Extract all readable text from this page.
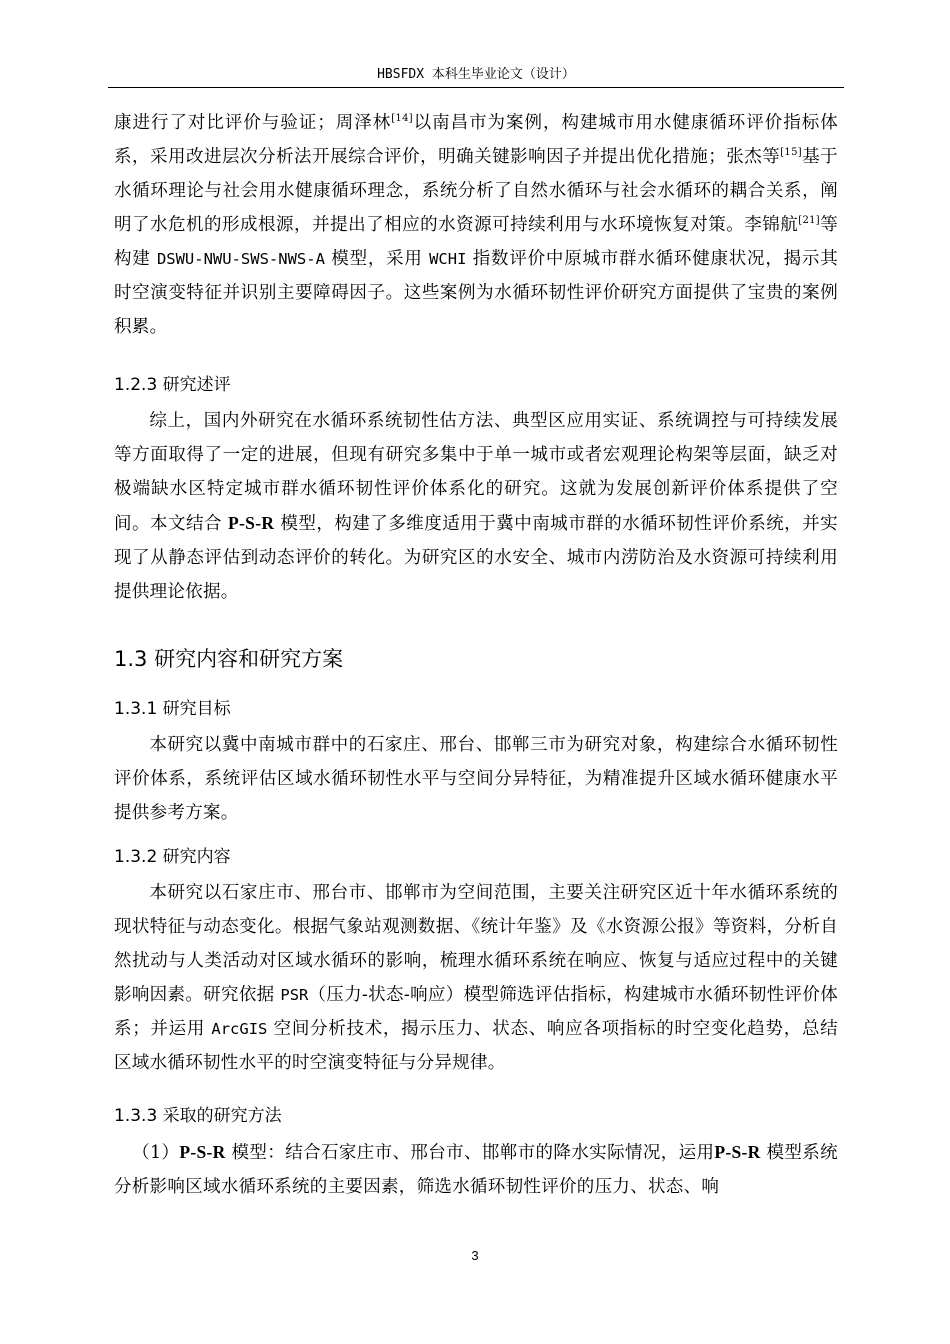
HBSFDX 本科生毕业论文（设计）
康进行了对比评价与验证；周泽林[14]以南昌市为案例，构建城市用水健康循环评价指标体系，采用改进层次分析法开展综合评价，明确关键影响因子并提出优化措施；张杰等[15]基于水循环理论与社会用水健康循环理念，系统分析了自然水循环与社会水循环的耦合关系，阐明了水危机的形成根源，并提出了相应的水资源可持续利用与水环境恢复对策。李锦航[21]等构建 DSWU-NWU-SWS-NWS-A 模型，采用 WCHI 指数评价中原城市群水循环健康状况，揭示其时空演变特征并识别主要障碍因子。这些案例为水循环韧性评价研究方面提供了宝贵的案例积累。
1.2.3 研究述评
综上，国内外研究在水循环系统韧性估方法、典型区应用实证、系统调控与可持续发展等方面取得了一定的进展，但现有研究多集中于单一城市或者宏观理论构架等层面，缺乏对极端缺水区特定城市群水循环韧性评价体系化的研究。这就为发展创新评价体系提供了空间。本文结合 P-S-R 模型，构建了多维度适用于冀中南城市群的水循环韧性评价系统，并实现了从静态评估到动态评价的转化。为研究区的水安全、城市内涝防治及水资源可持续利用提供理论依据。
1.3 研究内容和研究方案
1.3.1 研究目标
本研究以冀中南城市群中的石家庄、邢台、邯郸三市为研究对象，构建综合水循环韧性评价体系，系统评估区域水循环韧性水平与空间分异特征，为精准提升区域水循环健康水平提供参考方案。
1.3.2 研究内容
本研究以石家庄市、邢台市、邯郸市为空间范围，主要关注研究区近十年水循环系统的现状特征与动态变化。根据气象站观测数据、《统计年鉴》及《水资源公报》等资料，分析自然扰动与人类活动对区域水循环的影响，梳理水循环系统在响应、恢复与适应过程中的关键影响因素。研究依据 PSR（压力-状态-响应）模型筛选评估指标，构建城市水循环韧性评价体系；并运用 ArcGIS 空间分析技术，揭示压力、状态、响应各项指标的时空变化趋势，总结区域水循环韧性水平的时空演变特征与分异规律。
1.3.3 采取的研究方法
（1）P-S-R 模型：结合石家庄市、邢台市、邯郸市的降水实际情况，运用P-S-R 模型系统分析影响区域水循环系统的主要因素，筛选水循环韧性评价的压力、状态、响
3
